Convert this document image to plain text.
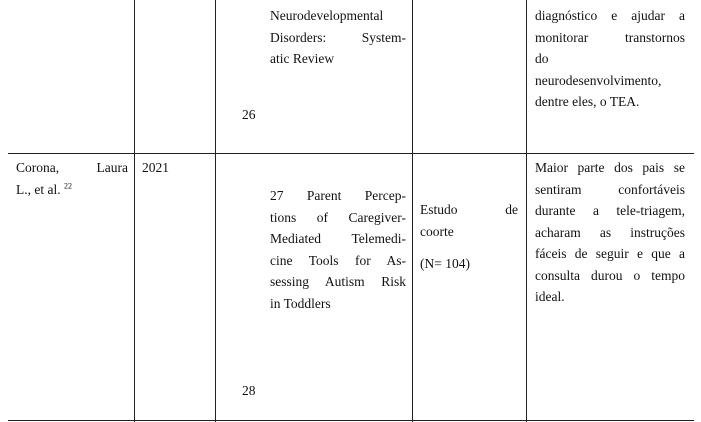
Neurodevelopmental
Disorders: System-
atic Review
26
diagnóstico e ajudar a
monitorar transtornos
do
neurodesenvolvimento,
dentre eles, o TEA.
Corona, Laura
L., et al. $^{22}$
2021
27 Parent Percep-
tions of Caregiver-
Mediated Telemedi-
cine Tools for As-
sessing Autism Risk
in Toddlers
28
Estudo de
coorte
(N= 104)
Maior parte dos pais se
sentiram confortáveis
durante a tele-triagem,
acharam as instruções
fáceis de seguir e que a
consulta durou o tempo
ideal.
